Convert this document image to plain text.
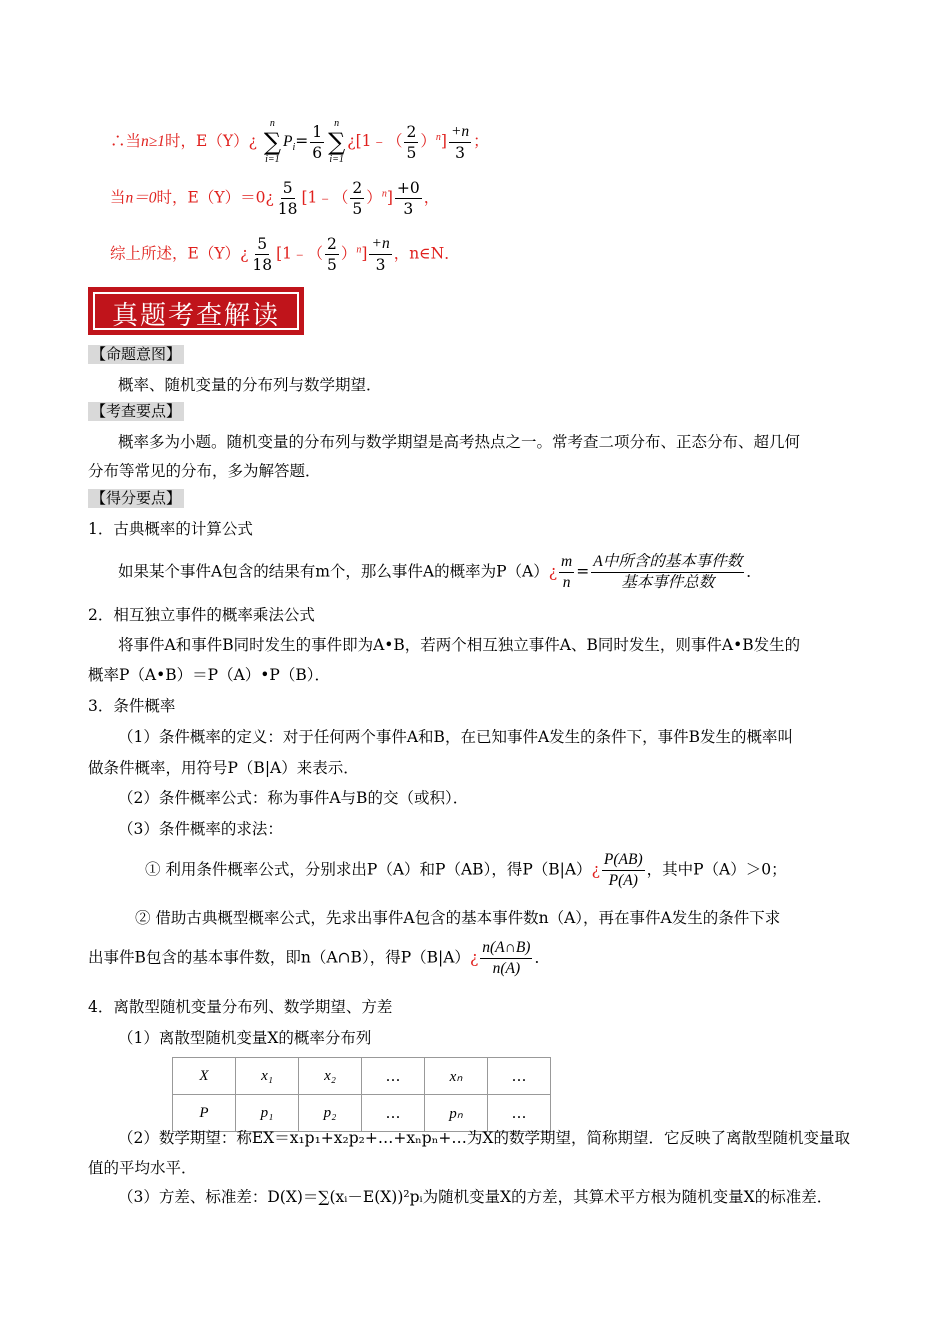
∴当n≥1时，E（Y）¿
n
∑
i=1
$P_i= \frac{1}{6}$ n
∑
i=1
¿[1﹣（ $\frac{2}{5} )^n] \frac{+n}{3}$ ；
当n＝0时，E（Y）＝0¿ $\frac{5}{18}$ [1﹣（ $\frac{2}{5} )^n] \frac{+0}{3}$ ，
综上所述，E（Y）¿ $\frac{5}{18}$ [1﹣（ $\frac{2}{5} )^n] \frac{+n}{3}$ ，n∈N．
真题考查解读
【命题意图】
概率、随机变量的分布列与数学期望．
【考查要点】
概率多为小题。随机变量的分布列与数学期望是高考热点之一。常考查二项分布、正态分布、超几何
分布等常见的分布，多为解答题．
【得分要点】
1．古典概率的计算公式
如果某个事件A包含的结果有m个，那么事件A的概率为P（A）¿ $\frac{m}{n} = \frac{\text{A中所含的基本事件数}}{\text{基本事件总数}}$ ．
2．相互独立事件的概率乘法公式
将事件A和事件B同时发生的事件即为A•B，若两个相互独立事件A、B同时发生，则事件A•B发生的
概率P（A•B）＝P（A）•P（B）．
3．条件概率
（1）条件概率的定义：对于任何两个事件A和B，在已知事件A发生的条件下，事件B发生的概率叫
做条件概率，用符号P（B|A）来表示．
（2）条件概率公式：称为事件A与B的交（或积）．
（3）条件概率的求法：
① 利用条件概率公式，分别求出P（A）和P（AB），得P（B|A）¿ $\frac{P(AB)}{P(A)}$ ，其中P（A）＞0；
② 借助古典概型概率公式，先求出事件A包含的基本事件数n（A），再在事件A发生的条件下求
出事件B包含的基本事件数，即n（A∩B），得P（B|A）¿ $\frac{n(A\cap B)}{n(A)}$ ．
4．离散型随机变量分布列、数学期望、方差
（1）离散型随机变量X的概率分布列
X	x₁	x₂	…	xₙ	…
P	p₁	p₂	…	pₙ	…
（2）数学期望：称EX＝x₁p₁+x₂p₂+…+xₙpₙ+…为X的数学期望，简称期望．它反映了离散型随机变量取
值的平均水平．
（3）方差、标准差：D(X)＝∑(xᵢ－E(X))²pᵢ为随机变量X的方差，其算术平方根为随机变量X的标准差．
